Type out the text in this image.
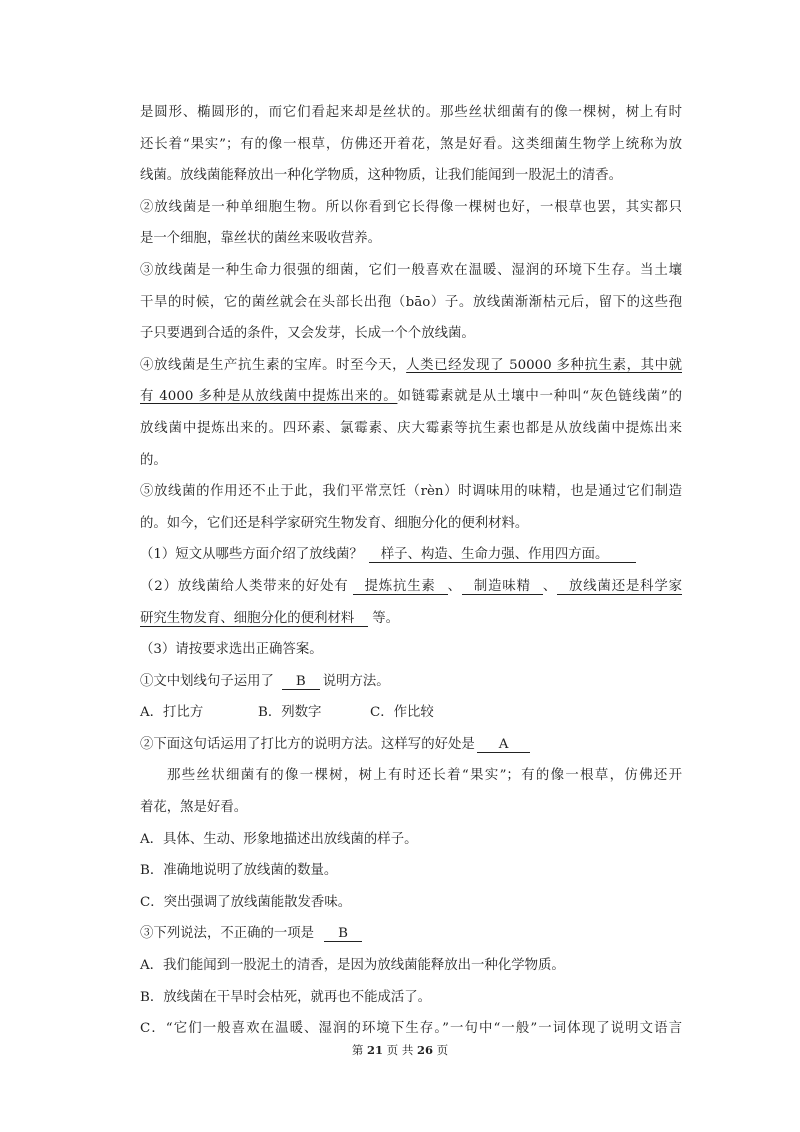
是圆形、椭圆形的，而它们看起来却是丝状的。那些丝状细菌有的像一棵树，树上有时
还长着“果实”；有的像一根草，仿佛还开着花，煞是好看。这类细菌生物学上统称为放
线菌。放线菌能释放出一种化学物质，这种物质，让我们能闻到一股泥土的清香。
②放线菌是一种单细胞生物。所以你看到它长得像一棵树也好，一根草也罢，其实都只
是一个细胞，靠丝状的菌丝来吸收营养。
③放线菌是一种生命力很强的细菌，它们一般喜欢在温暖、湿润的环境下生存。当土壤
干旱的时候，它的菌丝就会在头部长出孢（bāo）子。放线菌渐渐枯元后，留下的这些孢
子只要遇到合适的条件，又会发芽，长成一个个放线菌。
④放线菌是生产抗生素的宝库。时至今天，人类已经发现了 50000 多种抗生素，其中就
有 4000 多种是从放线菌中提炼出来的。如链霉素就是从土壤中一种叫“灰色链线菌”的
放线菌中提炼出来的。四环素、氯霉素、庆大霉素等抗生素也都是从放线菌中提炼出来
的。
⑤放线菌的作用还不止于此，我们平常烹饪（rèn）时调味用的味精，也是通过它们制造
的。如今，它们还是科学家研究生物发育、细胞分化的便利材料。
（1）短文从哪些方面介绍了放线菌？ 样子、构造、生命力强、作用四方面。
（2）放线菌给人类带来的好处有 提炼抗生素 、 制造味精 、 放线菌还是科学家
研究生物发育、细胞分化的便利材料 等。
（3）请按要求选出正确答案。
①文中划线句子运用了 B 说明方法。
A．打比方	B．列数字	C．作比较
②下面这句话运用了打比方的说明方法。这样写的好处是 A
那些丝状细菌有的像一棵树，树上有时还长着“果实”；有的像一根草，仿佛还开
着花，煞是好看。
A．具体、生动、形象地描述出放线菌的样子。
B．准确地说明了放线菌的数量。
C．突出强调了放线菌能散发香味。
③下列说法，不正确的一项是 B
A．我们能闻到一股泥土的清香，是因为放线菌能释放出一种化学物质。
B．放线菌在干旱时会枯死，就再也不能成活了。
C．“它们一般喜欢在温暖、湿润的环境下生存。”一句中“一般”一词体现了说明文语言
第 21 页 共 26 页
